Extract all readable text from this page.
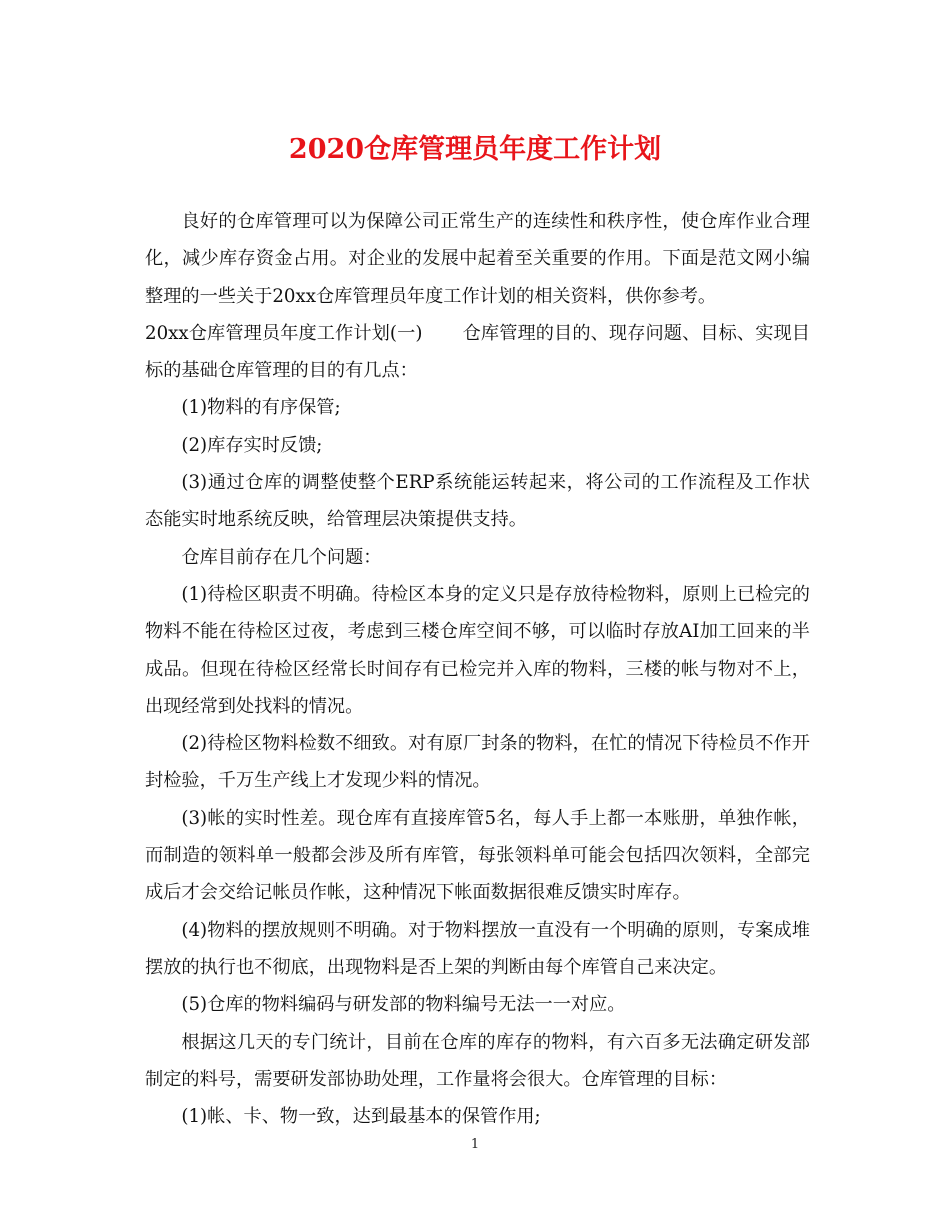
2020仓库管理员年度工作计划

良好的仓库管理可以为保障公司正常生产的连续性和秩序性，使仓库作业合理化，减少库存资金占用。对企业的发展中起着至关重要的作用。下面是范文网小编整理的一些关于20xx仓库管理员年度工作计划的相关资料，供你参考。

20xx仓库管理员年度工作计划(一) 仓库管理的目的、现存问题、目标、实现目标的基础仓库管理的目的有几点：

(1)物料的有序保管;

(2)库存实时反馈;

(3)通过仓库的调整使整个ERP系统能运转起来，将公司的工作流程及工作状态能实时地系统反映，给管理层决策提供支持。

仓库目前存在几个问题：

(1)待检区职责不明确。待检区本身的定义只是存放待检物料，原则上已检完的物料不能在待检区过夜，考虑到三楼仓库空间不够，可以临时存放AI加工回来的半成品。但现在待检区经常长时间存有已检完并入库的物料，三楼的帐与物对不上，出现经常到处找料的情况。

(2)待检区物料检数不细致。对有原厂封条的物料，在忙的情况下待检员不作开封检验，千万生产线上才发现少料的情况。

(3)帐的实时性差。现仓库有直接库管5名，每人手上都一本账册，单独作帐，而制造的领料单一般都会涉及所有库管，每张领料单可能会包括四次领料，全部完成后才会交给记帐员作帐，这种情况下帐面数据很难反馈实时库存。

(4)物料的摆放规则不明确。对于物料摆放一直没有一个明确的原则，专案成堆摆放的执行也不彻底，出现物料是否上架的判断由每个库管自己来决定。

(5)仓库的物料编码与研发部的物料编号无法一一对应。

根据这几天的专门统计，目前在仓库的库存的物料，有六百多无法确定研发部制定的料号，需要研发部协助处理，工作量将会很大。仓库管理的目标：

(1)帐、卡、物一致，达到最基本的保管作用;

1
